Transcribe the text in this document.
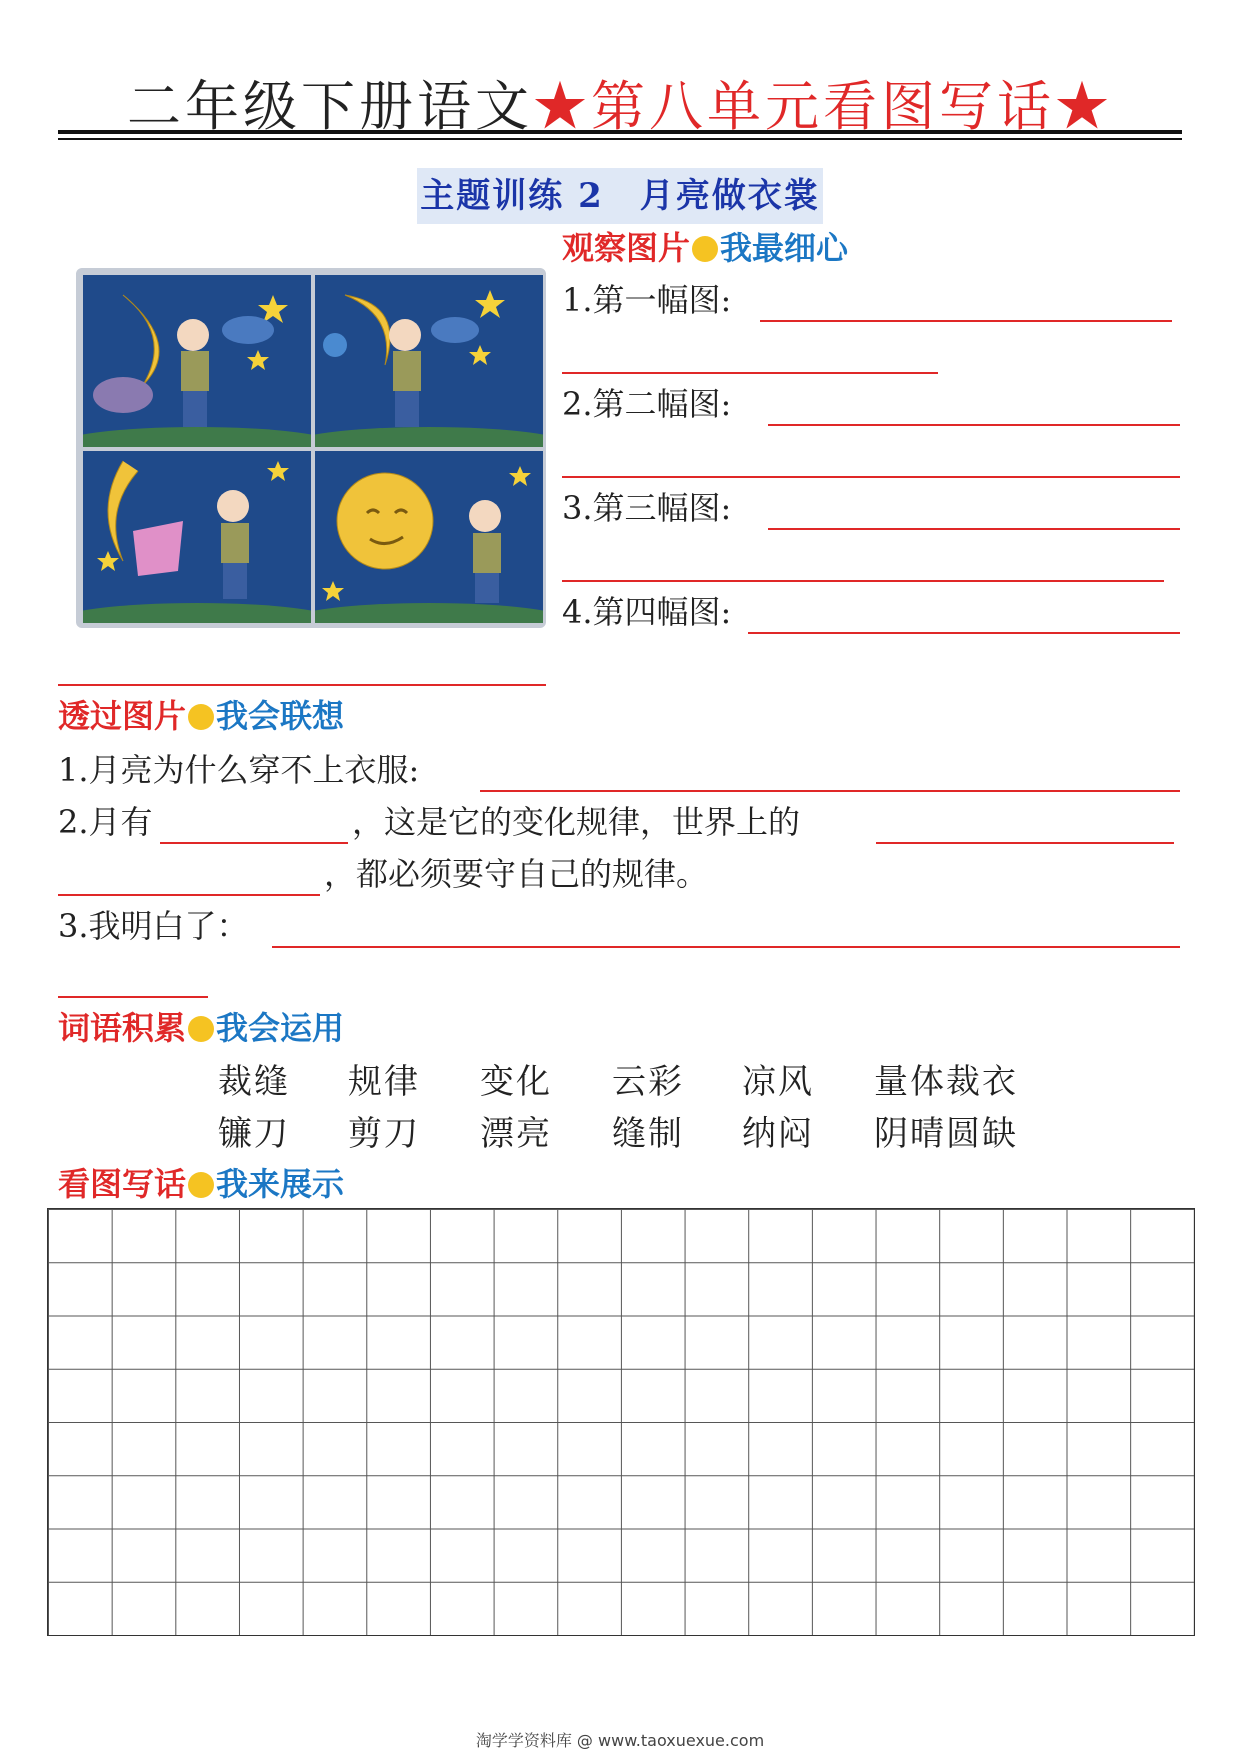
二年级下册语文★第八单元看图写话★
主题训练 2　月亮做衣裳
观察图片 我最细心
1.第一幅图:
2.第二幅图:
3.第三幅图:
4.第四幅图:
透过图片 我会联想
1.月亮为什么穿不上衣服:
2.月有	，这是它的变化规律，世界上的
，都必须要守自己的规律。
3.我明白了：
词语积累 我会运用
裁缝 规律 变化 云彩 凉风 量体裁衣
镰刀 剪刀 漂亮 缝制 纳闷 阴晴圆缺
看图写话 我来展示
淘学学资料库 @ www.taoxuexue.com
